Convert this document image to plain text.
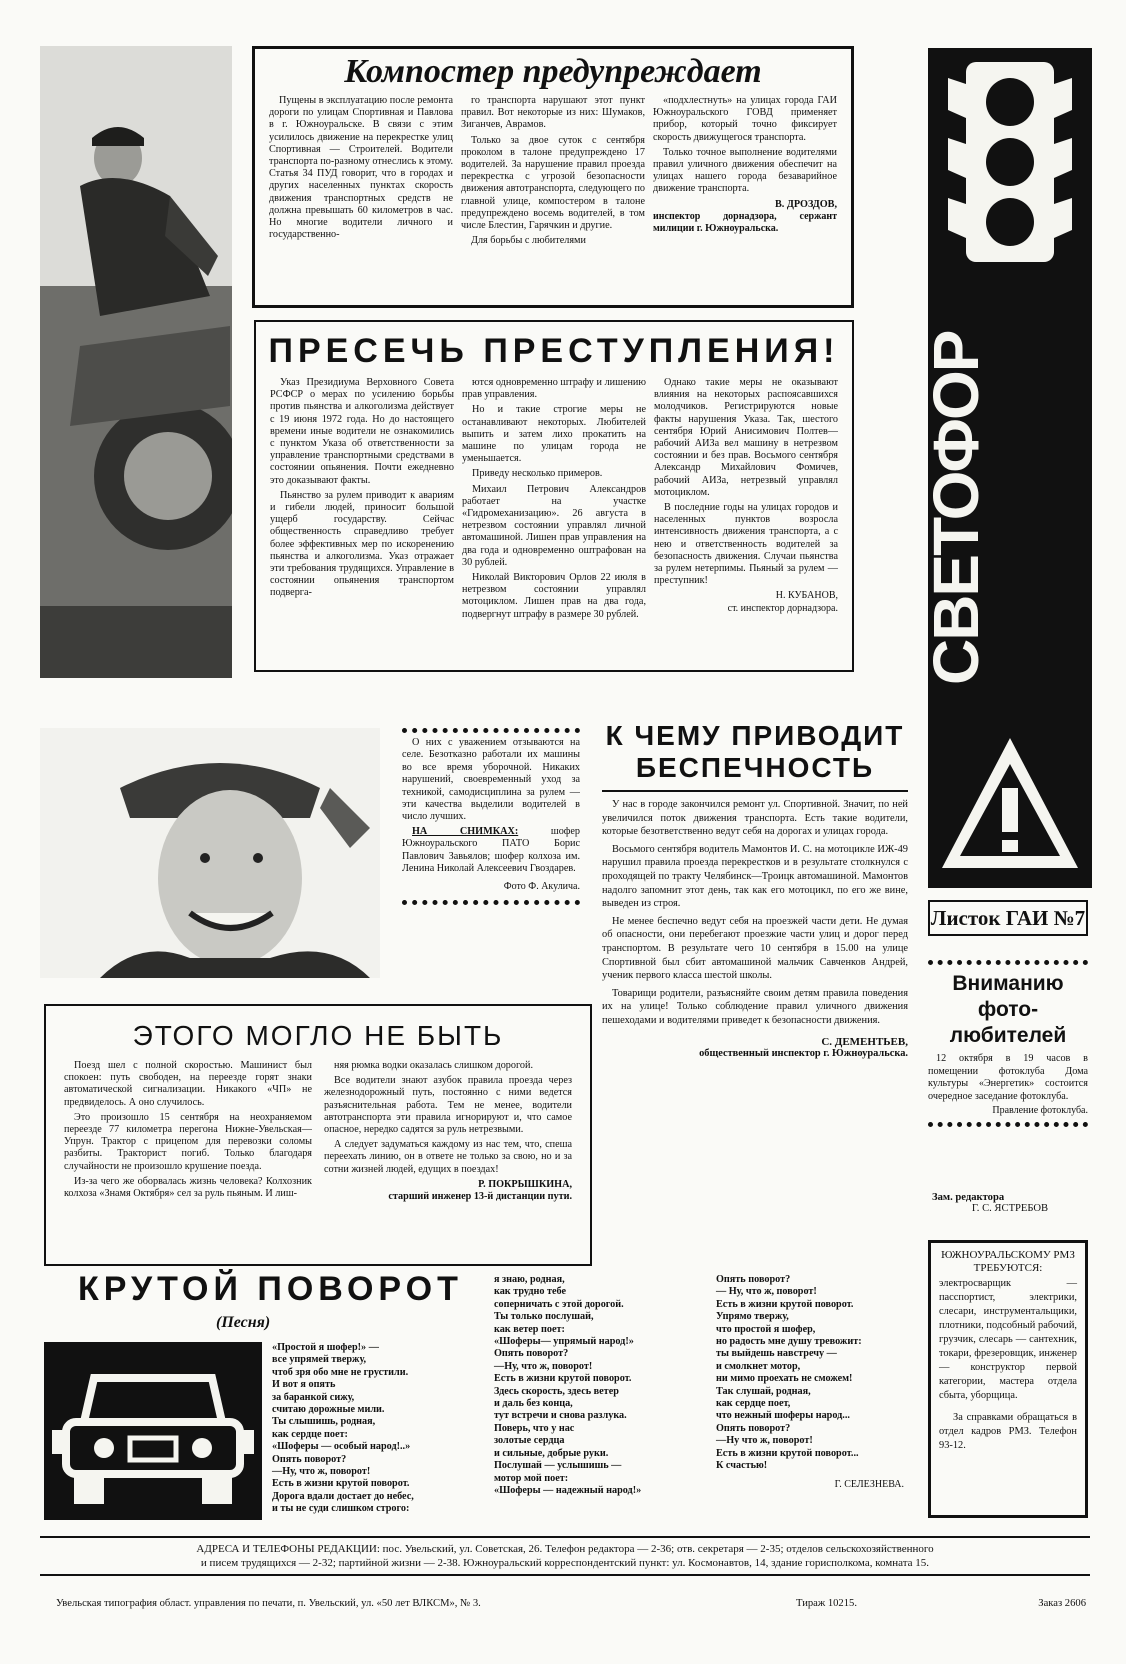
Компостер предупреждает

Пущены в эксплуатацию после ремонта дороги по улицам Спортивная и Павлова в г. Южноуральске. В связи с этим усилилось движение на перекрестке улиц Спортивная — Строителей. Водители транспорта по-разному отнеслись к этому. Статья 34 ПУД говорит, что в городах и других населенных пунктах скорость движения транспортных средств не должна превышать 60 километров в час. Но многие водители личного и государственно-

го транспорта нарушают этот пункт правил. Вот некоторые из них: Шумаков, Зиганчев, Аврамов.

Только за двое суток с сентября проколом в талоне предупреждено 17 водителей. За нарушение правил проезда перекрестка с угрозой безопасности движения автотранспорта, следующего по главной улице, компостером в талоне предупреждено восемь водителей, в том числе Блестин, Гарячкин и другие.

Для борьбы с любителями

«подхлестнуть» на улицах города ГАИ Южноуральского ГОВД применяет прибор, который точно фиксирует скорость движущегося транспорта.

Только точное выполнение водителями правил уличного движения обеспечит на улицах нашего города безаварийное движение транспорта.

В. ДРОЗДОВ,
инспектор дорнадзора, сержант милиции г. Южноуральска.
ПРЕСЕЧЬ ПРЕСТУПЛЕНИЯ!

Указ Президиума Верховного Совета РСФСР о мерах по усилению борьбы против пьянства и алкоголизма действует с 19 июня 1972 года. Но до настоящего времени иные водители не ознакомились с пунктом Указа об ответственности за управление транспортными средствами в состоянии опьянения. Почти ежедневно это доказывают факты.

Пьянство за рулем приводит к авариям и гибели людей, приносит большой ущерб государству. Сейчас общественность справедливо требует более эффективных мер по искоренению пьянства и алкоголизма. Указ отражает эти требования трудящихся. Управление в состоянии опьянения транспортом подверга-

ются одновременно штрафу и лишению прав управления.

Но и такие строгие меры не останавливают некоторых. Любителей выпить и затем лихо прокатить на машине по улицам города не уменьшается.

Приведу несколько примеров.

Михаил Петрович Александров работает на участке «Гидромеханизацию». 26 августа в нетрезвом состоянии управлял личной автомашиной. Лишен прав управления на два года и одновременно оштрафован на 30 рублей.

Николай Викторович Орлов 22 июля в нетрезвом состоянии управлял мотоциклом. Лишен прав на два года, подвергнут штрафу в размере 30 рублей.

Однако такие меры не оказывают влияния на некоторых распоясавшихся молодчиков. Регистрируются новые факты нарушения Указа. Так, шестого сентября Юрий Анисимович Полтев—рабочий АИЗа вел машину в нетрезвом состоянии и без прав. Восьмого сентября Александр Михайлович Фомичев, рабочий АИЗа, нетрезвый управлял мотоциклом.

В последние годы на улицах городов и населенных пунктов возросла интенсивность движения транспорта, а с нею и ответственность водителей за безопасность движения. Случаи пьянства за рулем нетерпимы. Пьяный за рулем — преступник!

Н. КУБАНОВ,
ст. инспектор дорнадзора.

О них с уважением отзываются на селе. Безотказно работали их машины во все время уборочной. Никаких нарушений, своевременный уход за техникой, самодисциплина за рулем — эти качества выделили водителей в число лучших.

НА СНИМКАХ:	шофер Южноуральского ПАТО Борис Павлович Завьялов; шофер колхоза им. Ленина Николай Алексеевич Гвоздарев.

Фото Ф. Акулича.
К ЧЕМУ ПРИВОДИТ
БЕСПЕЧНОСТЬ

У нас в городе закончился ремонт ул. Спортивной. Значит, по ней увеличился поток движения транспорта. Есть такие водители, которые безответственно ведут себя на дорогах и улицах города.

Восьмого сентября водитель Мамонтов И. С. на мотоцикле ИЖ-49 нарушил правила проезда перекрестков и в результате столкнулся с проходящей по тракту Челябинск—Троицк автомашиной. Мамонтов надолго запомнит этот день, так как его мотоцикл, по его же вине, выведен из строя.

Не менее беспечно ведут себя на проезжей части дети. Не думая об опасности, они перебегают проезжие части улиц и дорог перед транспортом. В результате чего 10 сентября в 15.00 на улице Спортивной был сбит автомашиной мальчик Савченков Андрей, ученик первого класса шестой школы.

Товарищи родители, разъясняйте своим детям правила поведения их на улице! Только соблюдение правил уличного движения пешеходами и водителями приведет к безопасности движения.

С. ДЕМЕНТЬЕВ,
общественный инспектор г. Южноуральска.
ЭТОГО МОГЛО НЕ БЫТЬ

Поезд шел с полной скоростью. Машинист был спокоен: путь свободен, на переезде горят знаки автоматической сигнализации. Никакого «ЧП» не предвиделось. А оно случилось.

Это произошло 15 сентября на неохраняемом переезде 77 километра перегона Нижне-Увельская—Упрун. Трактор с прицепом для перевозки соломы разбиты. Тракторист погиб. Только благодаря случайности не произошло крушение поезда.

Из-за чего же оборвалась жизнь человека? Колхозник колхоза «Знамя Октября» сел за руль пьяным. И лиш-

няя рюмка водки оказалась слишком дорогой.

Все водители знают азубок правила проезда через железнодорожный путь, постоянно с ними ведется разъяснительная работа. Тем не менее, водители автотранспорта эти правила игнорируют и, что самое опасное, нередко садятся за руль нетрезвыми.

А следует задуматься каждому из нас тем, что, спеша переехать линию, он в ответе не только за свою, но и за сотни жизней людей, едущих в поездах!

Р. ПОКРЫШКИНА,
старший инженер 13-й дистанции пути.
КРУТОЙ ПОВОРОТ
(Песня)
«Простой я шофер!» —
все упрямей твержу,
чтоб зря обо мне не грустили.
И вот я опять
за баранкой сижу,
считаю дорожные мили.
Ты слышишь, родная,
как сердце поет:
«Шоферы — особый народ!..»
Опять поворот?
—Ну, что ж, поворот!
Есть в жизни крутой поворот.
Дорога вдали достает до небес,
и ты не суди слишком строго:
я знаю, родная,
как трудно тебе
соперничать с этой дорогой.
Ты только послушай,
как ветер поет:
«Шоферы— упрямый народ!»
Опять поворот?
—Ну, что ж, поворот!
Есть в жизни крутой поворот.
Здесь скорость, здесь ветер
и даль без конца,
тут встречи и снова разлука.
Поверь, что у нас
золотые сердца
и сильные, добрые руки.
Послушай — услышишь —
мотор мой поет:
«Шоферы — надежный народ!»
Опять поворот?
— Ну, что ж, поворот!
Есть в жизни крутой поворот.
Упрямо твержу,
что простой я шофер,
но радость мне душу тревожит:
ты выйдешь навстречу —
и смолкнет мотор,
ни мимо проехать не сможем!
Так слушай, родная,
как сердце поет,
что нежный шоферы народ...
Опять поворот?
—Ну что ж, поворот!
Есть в жизни крутой поворот...
К счастью!
Г. СЕЛЕЗНЕВА.
СВЕТОФОР
Листок ГАИ №7
Вниманию фото- любителей
12 октября в 19 часов в помещении фотоклуба Дома культуры «Энергетик» состоится очередное заседание фотоклуба.
Правление фотоклуба.
Зам. редактора
Г. С. ЯСТРЕБОВ
ЮЖНОУРАЛЬСКОМУ РМЗ ТРЕБУЮТСЯ:
электросварщик — пасспортист, электрики, слесари, инструментальщики, плотники, подсобный рабочий, грузчик, слесарь — сантехник, токари, фрезеровщик, инженер — конструктор первой категории, мастера отдела сбыта, уборщица.
За справками обращаться в отдел кадров РМЗ. Телефон 93-12.
АДРЕСА И ТЕЛЕФОНЫ РЕДАКЦИИ: пос. Увельский, ул. Советская, 26. Телефон редактора — 2-36; отв. секретаря — 2-35; отделов сельскохозяйственного
и писем трудящихся — 2-32; партийной жизни — 2-38. Южноуральский корреспондентский пункт: ул. Космонавтов, 14, здание горисполкома, комната 15.
Увельская типография област. управления по печати, п. Увельский, ул. «50 лет ВЛКСМ», № 3.	Тираж 10215.	Заказ 2606
